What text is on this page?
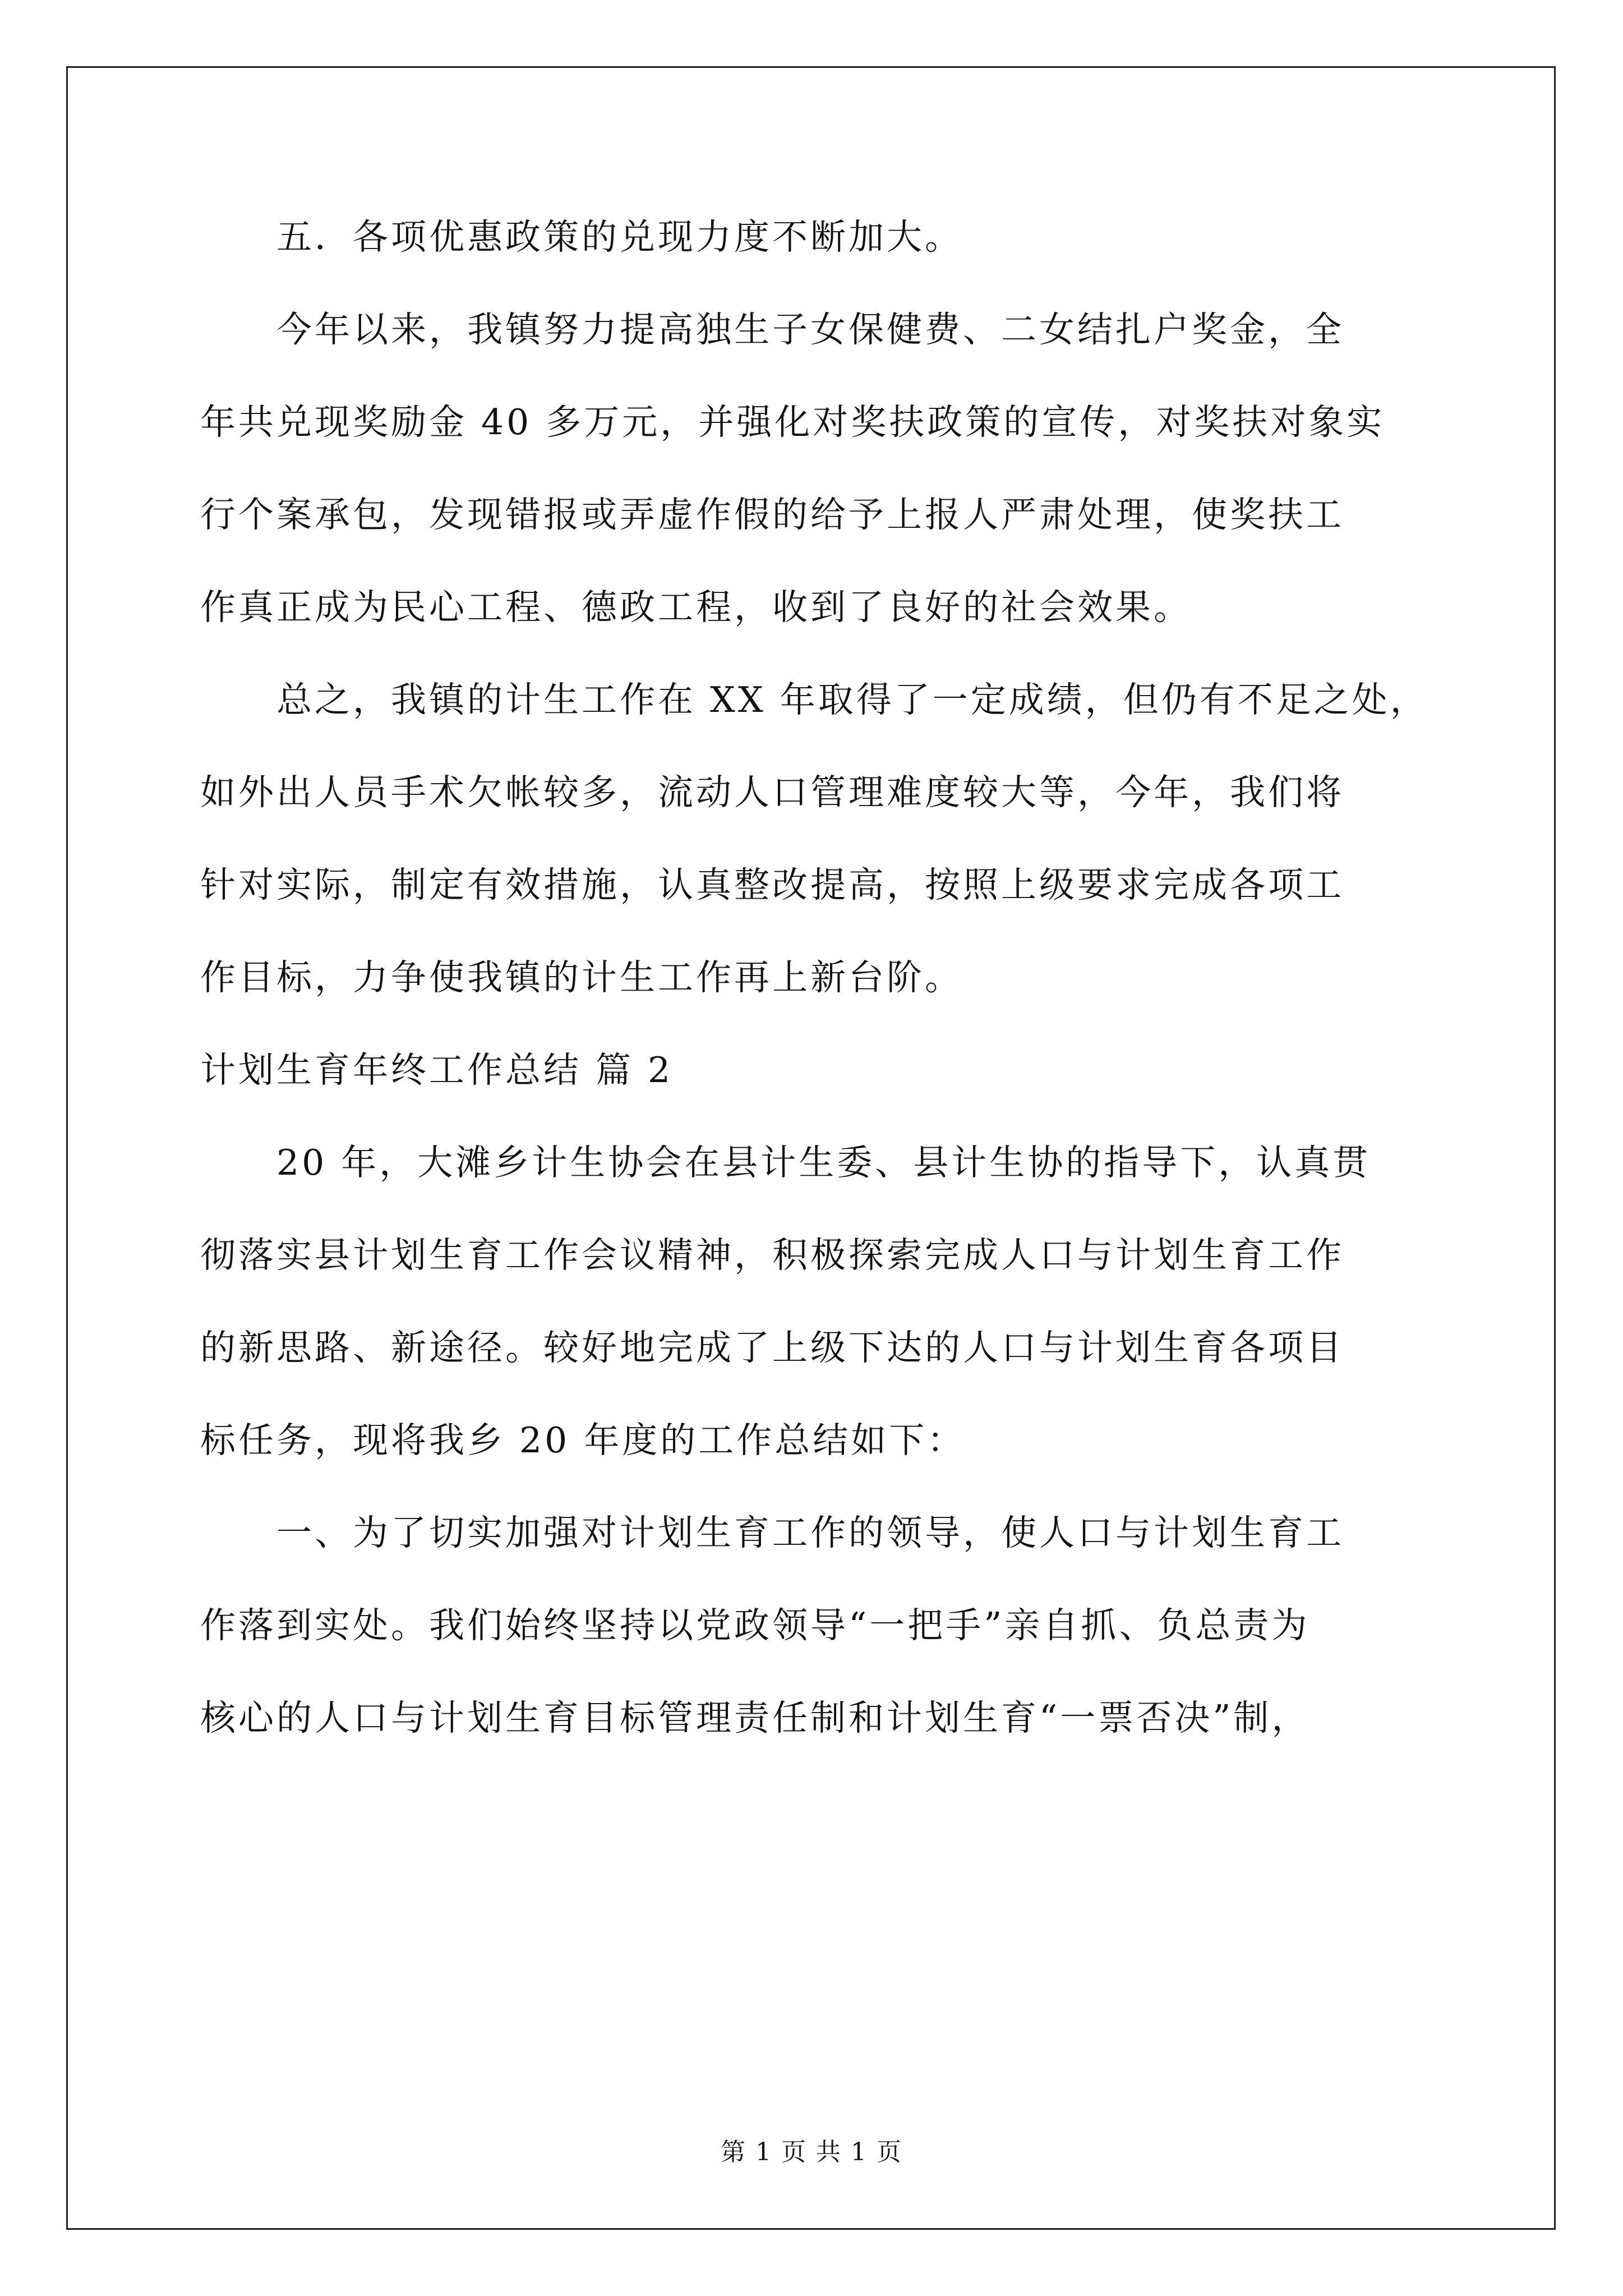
五．各项优惠政策的兑现力度不断加大。

今年以来，我镇努力提高独生子女保健费、二女结扎户奖金，全

年共兑现奖励金 40 多万元，并强化对奖扶政策的宣传，对奖扶对象实

行个案承包，发现错报或弄虚作假的给予上报人严肃处理，使奖扶工

作真正成为民心工程、德政工程，收到了良好的社会效果。

总之，我镇的计生工作在 XX 年取得了一定成绩，但仍有不足之处，

如外出人员手术欠帐较多，流动人口管理难度较大等，今年，我们将

针对实际，制定有效措施，认真整改提高，按照上级要求完成各项工

作目标，力争使我镇的计生工作再上新台阶。

计划生育年终工作总结 篇 2

20 年，大滩乡计生协会在县计生委、县计生协的指导下，认真贯

彻落实县计划生育工作会议精神，积极探索完成人口与计划生育工作

的新思路、新途径。较好地完成了上级下达的人口与计划生育各项目

标任务，现将我乡 20 年度的工作总结如下：

一、为了切实加强对计划生育工作的领导，使人口与计划生育工

作落到实处。我们始终坚持以党政领导“一把手”亲自抓、负总责为

核心的人口与计划生育目标管理责任制和计划生育“一票否决”制，

第 1 页 共 1 页
